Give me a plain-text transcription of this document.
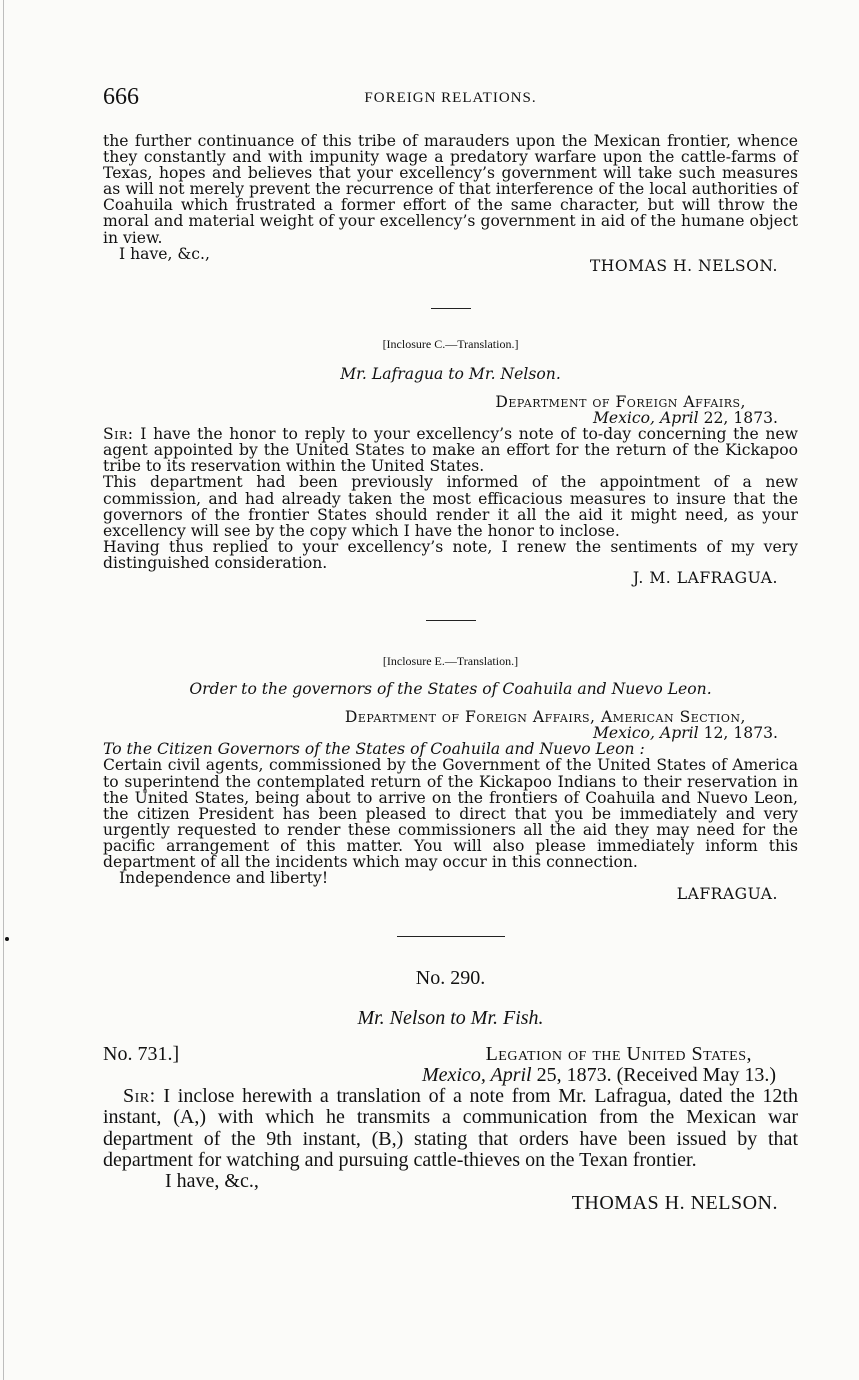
666	FOREIGN RELATIONS.

the further continuance of this tribe of marauders upon the Mexican frontier, whence they constantly and with impunity wage a predatory warfare upon the cattle-farms of Texas, hopes and believes that your excellency’s government will take such measures as will not merely prevent the recurrence of that interference of the local authorities of Coahuila which frustrated a former effort of the same character, but will throw the moral and material weight of your excellency’s government in aid of the humane object in view.

I have, &c.,

THOMAS H. NELSON.

[Inclosure C.—Translation.]

Mr. Lafragua to Mr. Nelson.

Department of Foreign Affairs,

Mexico, April 22, 1873.

Sir: I have the honor to reply to your excellency’s note of to-day concerning the new agent appointed by the United States to make an effort for the return of the Kickapoo tribe to its reservation within the United States.

This department had been previously informed of the appointment of a new commission, and had already taken the most efficacious measures to insure that the governors of the frontier States should render it all the aid it might need, as your excellency will see by the copy which I have the honor to inclose.

Having thus replied to your excellency’s note, I renew the sentiments of my very distinguished consideration.

J. M. LAFRAGUA.

[Inclosure E.—Translation.]

Order to the governors of the States of Coahuila and Nuevo Leon.

Department of Foreign Affairs, American Section,

Mexico, April 12, 1873.

To the Citizen Governors of the States of Coahuila and Nuevo Leon :

Certain civil agents, commissioned by the Government of the United States of America to superintend the contemplated return of the Kickapoo Indians to their reservation in the United States, being about to arrive on the frontiers of Coahuila and Nuevo Leon, the citizen President has been pleased to direct that you be immediately and very urgently requested to render these commissioners all the aid they may need for the pacific arrangement of this matter. You will also please immediately inform this department of all the incidents which may occur in this connection.

Independence and liberty!

LAFRAGUA.

No. 290.

Mr. Nelson to Mr. Fish.

No. 731.]	Legation of the United States,

Mexico, April 25, 1873. (Received May 13.)

Sir: I inclose herewith a translation of a note from Mr. Lafragua, dated the 12th instant, (A,) with which he transmits a communication from the Mexican war department of the 9th instant, (B,) stating that orders have been issued by that department for watching and pursuing cattle-thieves on the Texan frontier.

I have, &c.,

THOMAS H. NELSON.
